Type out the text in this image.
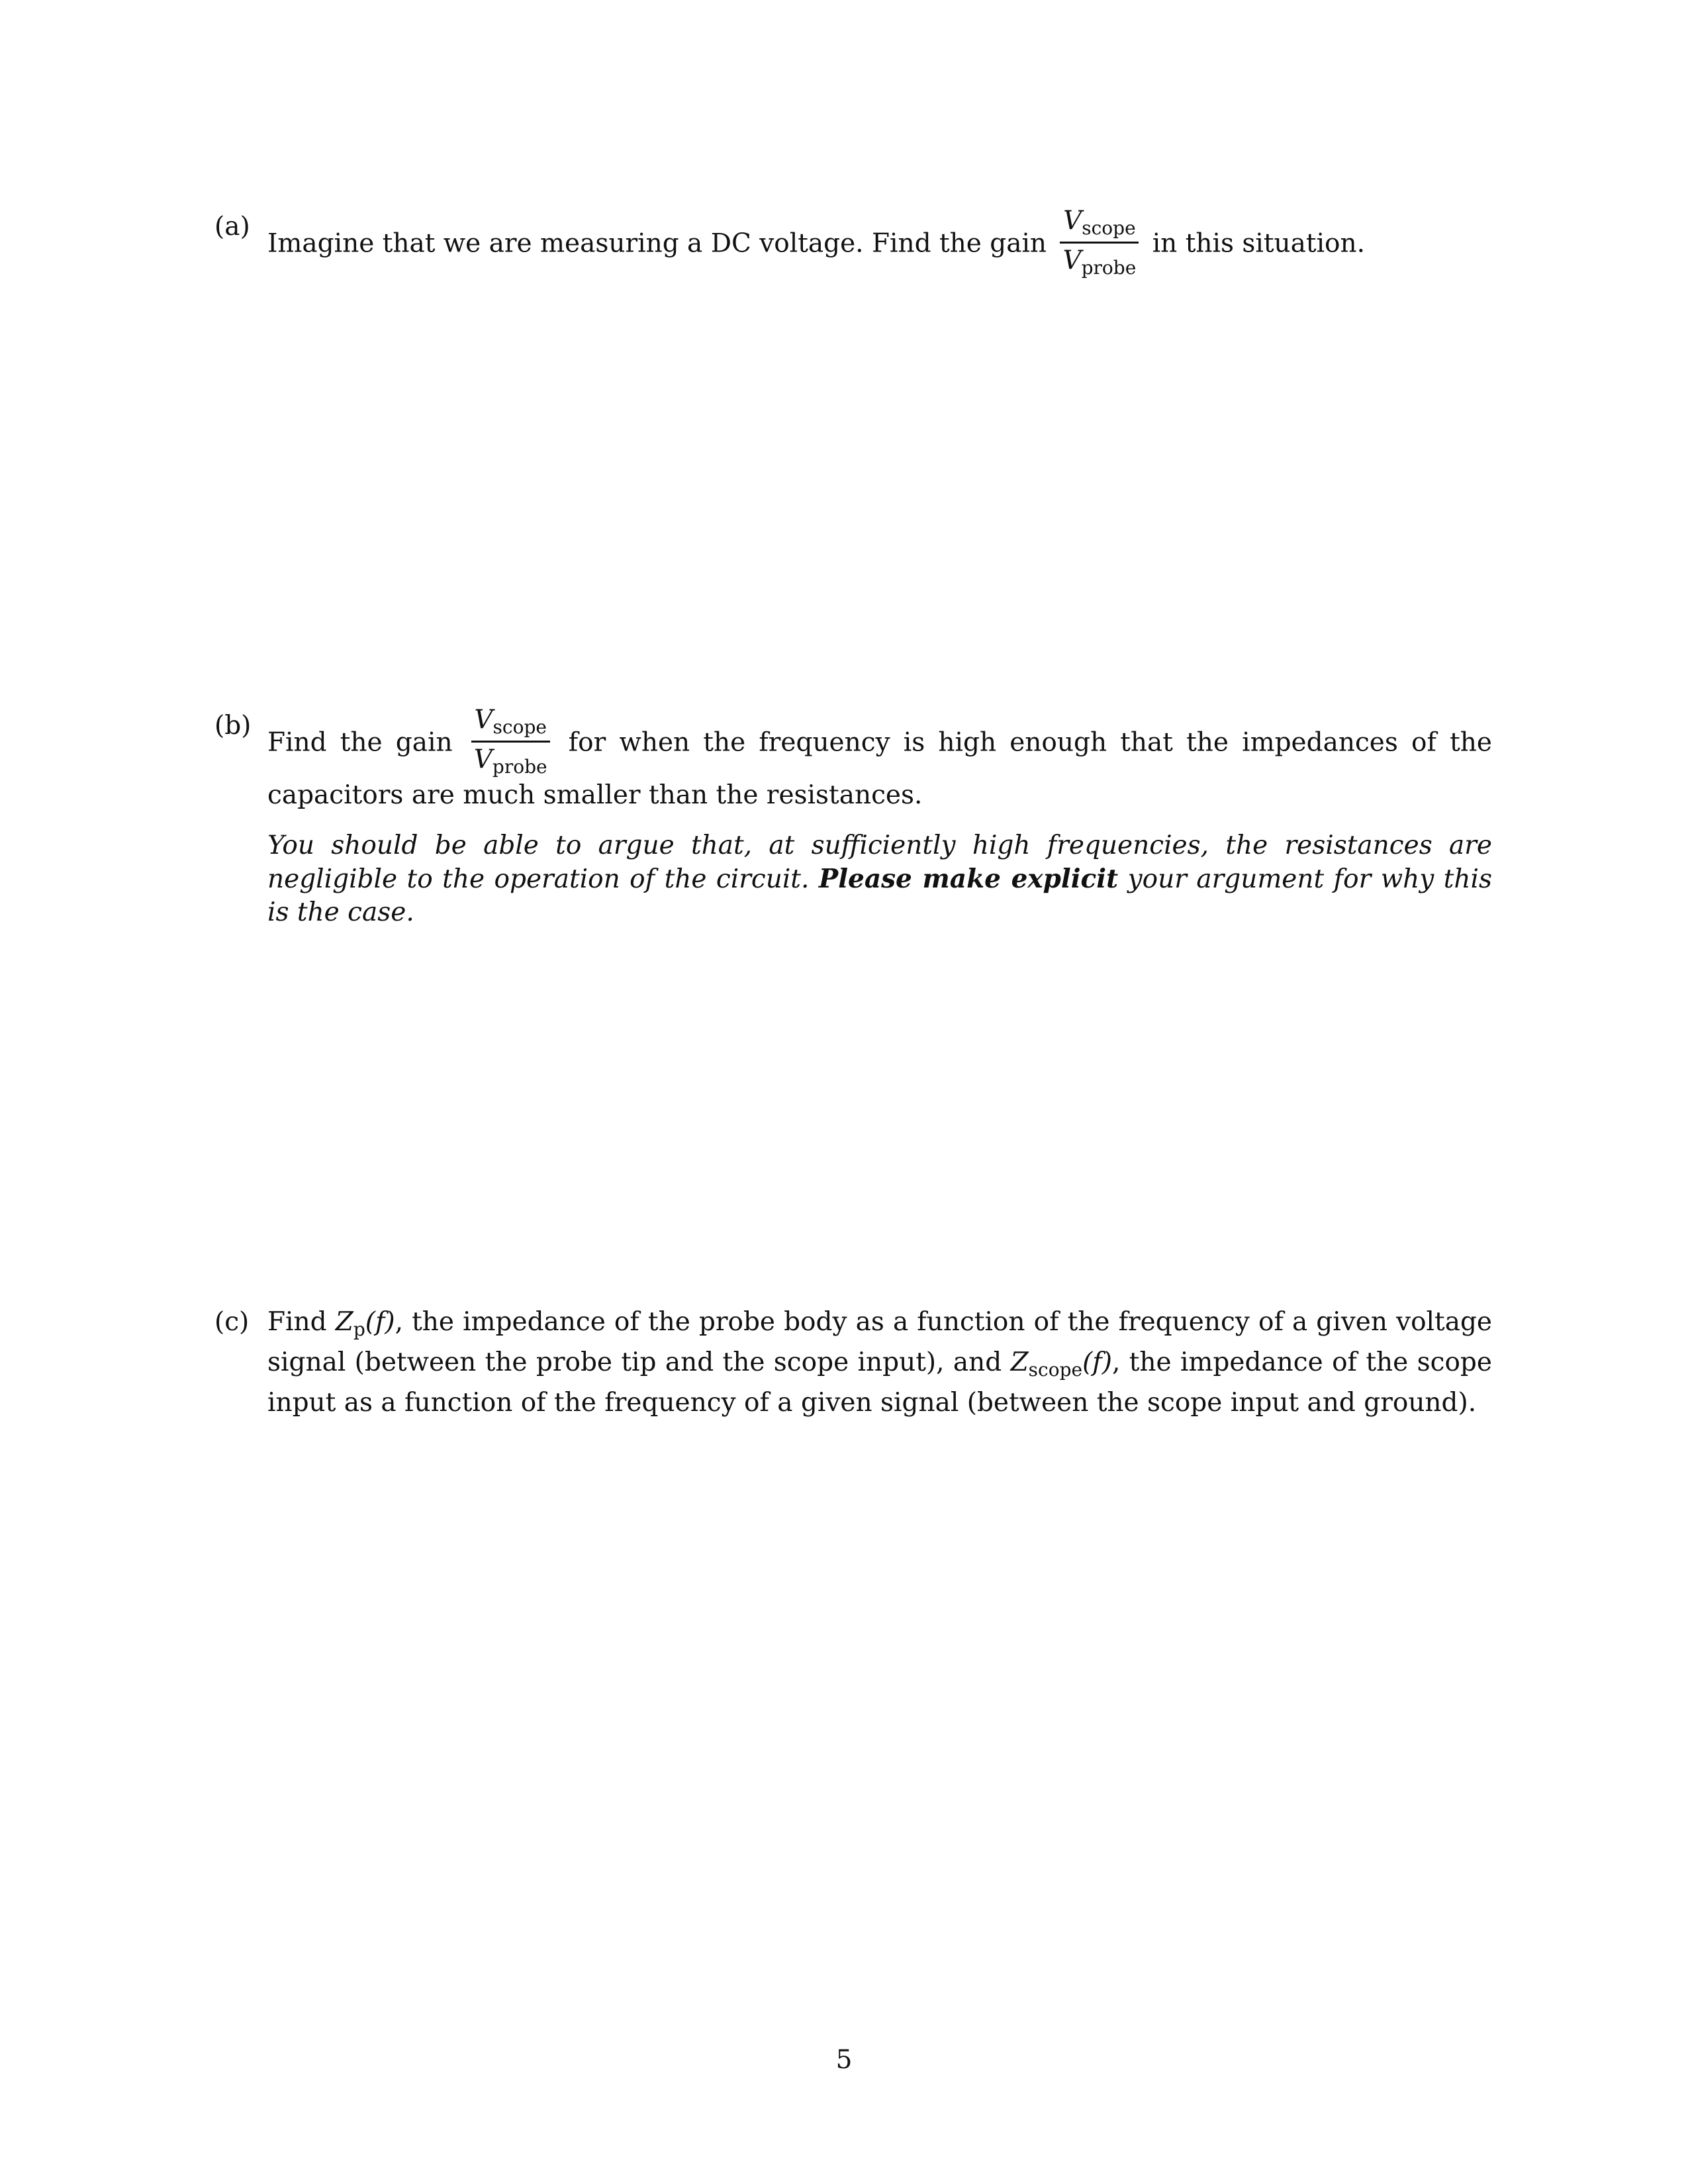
(a)
Imagine that we are measuring a DC voltage. Find the gain $\frac{V_{scope}}{V_{probe}}$ in this situation.
(b)
Find the gain $\frac{V_{scope}}{V_{probe}}$ for when the frequency is high enough that the impedances of the capacitors are much smaller than the resistances.
You should be able to argue that, at sufficiently high frequencies, the resistances are negligible to the operation of the circuit. Please make explicit your argument for why this is the case.
(c) Find $Z_p(f)$, the impedance of the probe body as a function of the frequency of a given voltage signal (between the probe tip and the scope input), and $Z_{scope}(f)$, the impedance of the scope input as a function of the frequency of a given signal (between the scope input and ground).
5
